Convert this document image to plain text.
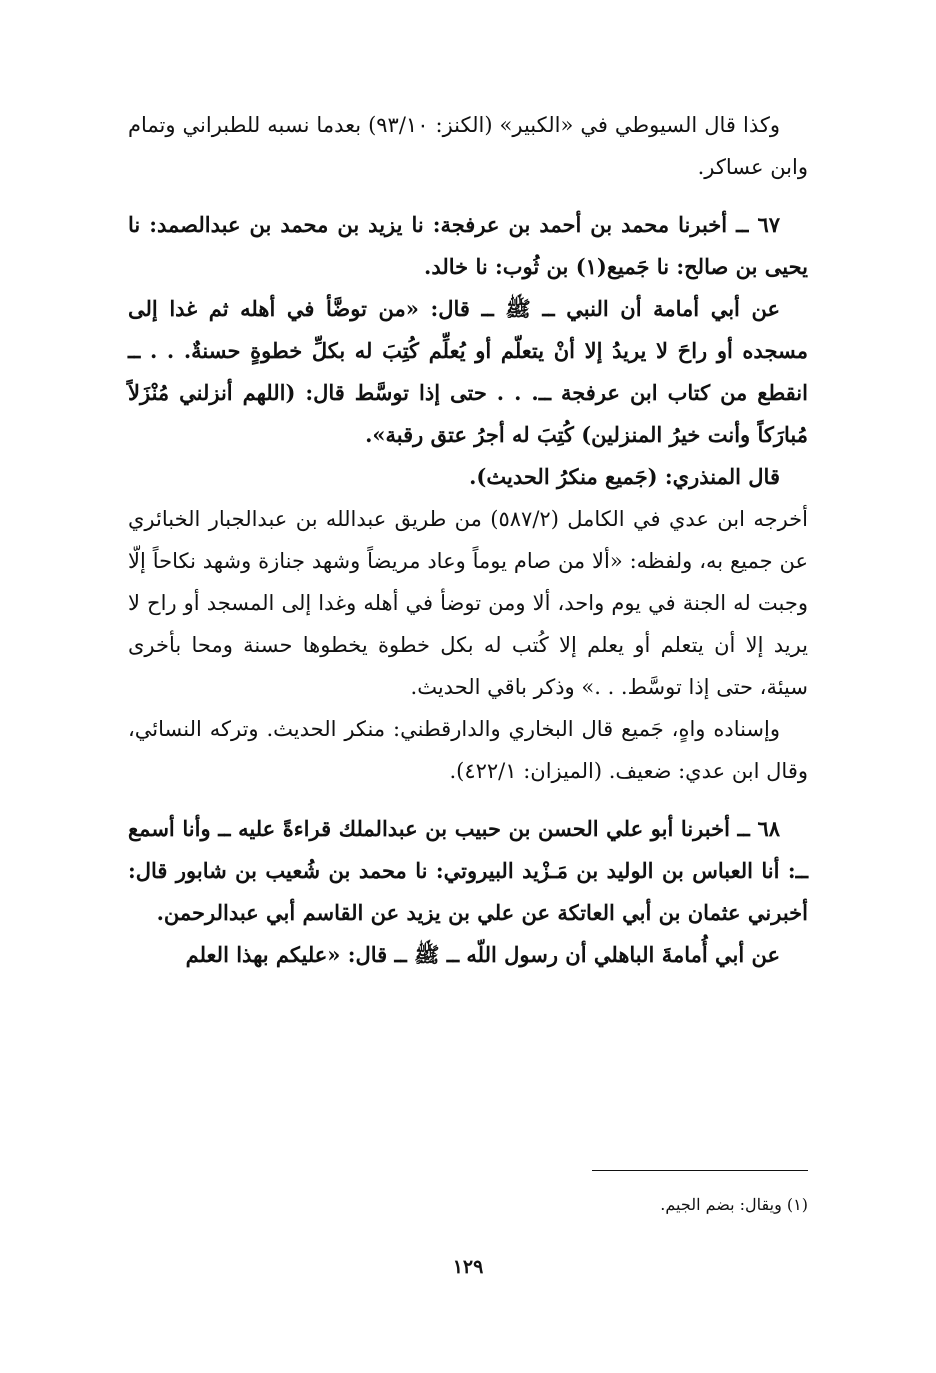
وكذا قال السيوطي في «الكبير» (الكنز: ٩٣/١٠) بعدما نسبه للطبراني وتمام وابن عساكر.

٦٧ ــ أخبرنا محمد بن أحمد بن عرفجة: نا يزيد بن محمد بن عبدالصمد: نا يحيى بن صالح: نا جَميع(١) بن ثُوب: نا خالد.

عن أبي أمامة أن النبي ــ ﷺ ــ قال: «من توضَّأ في أهله ثم غدا إلى مسجده أو راحَ لا يريدُ إلا أنْ يتعلّم أو يُعلِّم كُتِبَ له بكلِّ خطوةٍ حسنةٌ. . . ــ انقطع من كتاب ابن عرفجة ــ. . . حتى إذا توسَّط قال: (اللهم أنزلني مُنْزَلاً مُبارَكاً وأنت خيرُ المنزلين) كُتِبَ له أجرُ عتق رقبة».

قال المنذري: (جَميع منكرُ الحديث).

أخرجه ابن عدي في الكامل (٥٨٧/٢) من طريق عبدالله بن عبدالجبار الخبائري عن جميع به، ولفظه: «ألا من صام يوماً وعاد مريضاً وشهد جنازة وشهد نكاحاً إلّا وجبت له الجنة في يوم واحد، ألا ومن توضأ في أهله وغدا إلى المسجد أو راح لا يريد إلا أن يتعلم أو يعلم إلا كُتب له بكل خطوة يخطوها حسنة ومحا بأخرى سيئة، حتى إذا توسَّط. . .» وذكر باقي الحديث.

وإسناده واهٍ، جَميع قال البخاري والدارقطني: منكر الحديث. وتركه النسائي، وقال ابن عدي: ضعيف. (الميزان: ٤٢٢/١).

٦٨ ــ أخبرنا أبو علي الحسن بن حبيب بن عبدالملك قراءةً عليه ــ وأنا أسمع ــ: أنا العباس بن الوليد بن مَـزْيد البيروتي: نا محمد بن شُعيب بن شابور قال: أخبرني عثمان بن أبي العاتكة عن علي بن يزيد عن القاسم أبي عبدالرحمن.

عن أبي أُمامةَ الباهلي أن رسول اللّه ــ ﷺ ــ قال: «عليكم بهذا العلم

(١) ويقال: بضم الجيم.
١٢٩
